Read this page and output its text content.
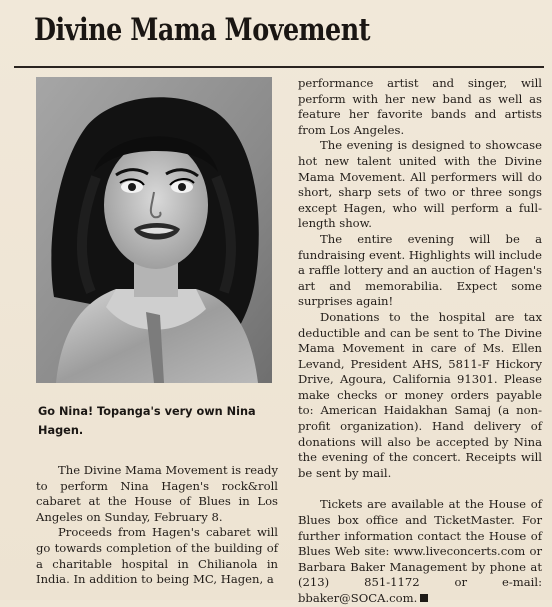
Divine Mama Movement
Go Nina! Topanga's very own Nina Hagen.

The Divine Mama Movement is ready to perform Nina Hagen's rock&roll cabaret at the House of Blues in Los Angeles on Sunday, February 8.

Proceeds from Hagen's cabaret will go towards completion of the building of a charitable hospital in Chilianola in India. In addition to being MC, Hagen, a

performance artist and singer, will perform with her new band as well as feature her favorite bands and artists from Los Angeles.

The evening is designed to showcase hot new talent united with the Divine Mama Movement. All performers will do short, sharp sets of two or three songs except Hagen, who will perform a full-length show.

The entire evening will be a fundraising event. Highlights will include a raffle lottery and an auction of Hagen's art and memorabilia. Expect some surprises again!

Donations to the hospital are tax deductible and can be sent to The Divine Mama Movement in care of Ms. Ellen Levand, President AHS, 5811-F Hickory Drive, Agoura, California 91301. Please make checks or money orders payable to: American Haidakhan Samaj (a non-profit organization). Hand delivery of donations will also be accepted by Nina the evening of the concert. Receipts will be sent by mail.

Tickets are available at the House of Blues box office and TicketMaster. For further information contact the House of Blues Web site: www.liveconcerts.com or Barbara Baker Management by phone at (213) 851-1172 or e-mail: bbaker@SOCA.com.
